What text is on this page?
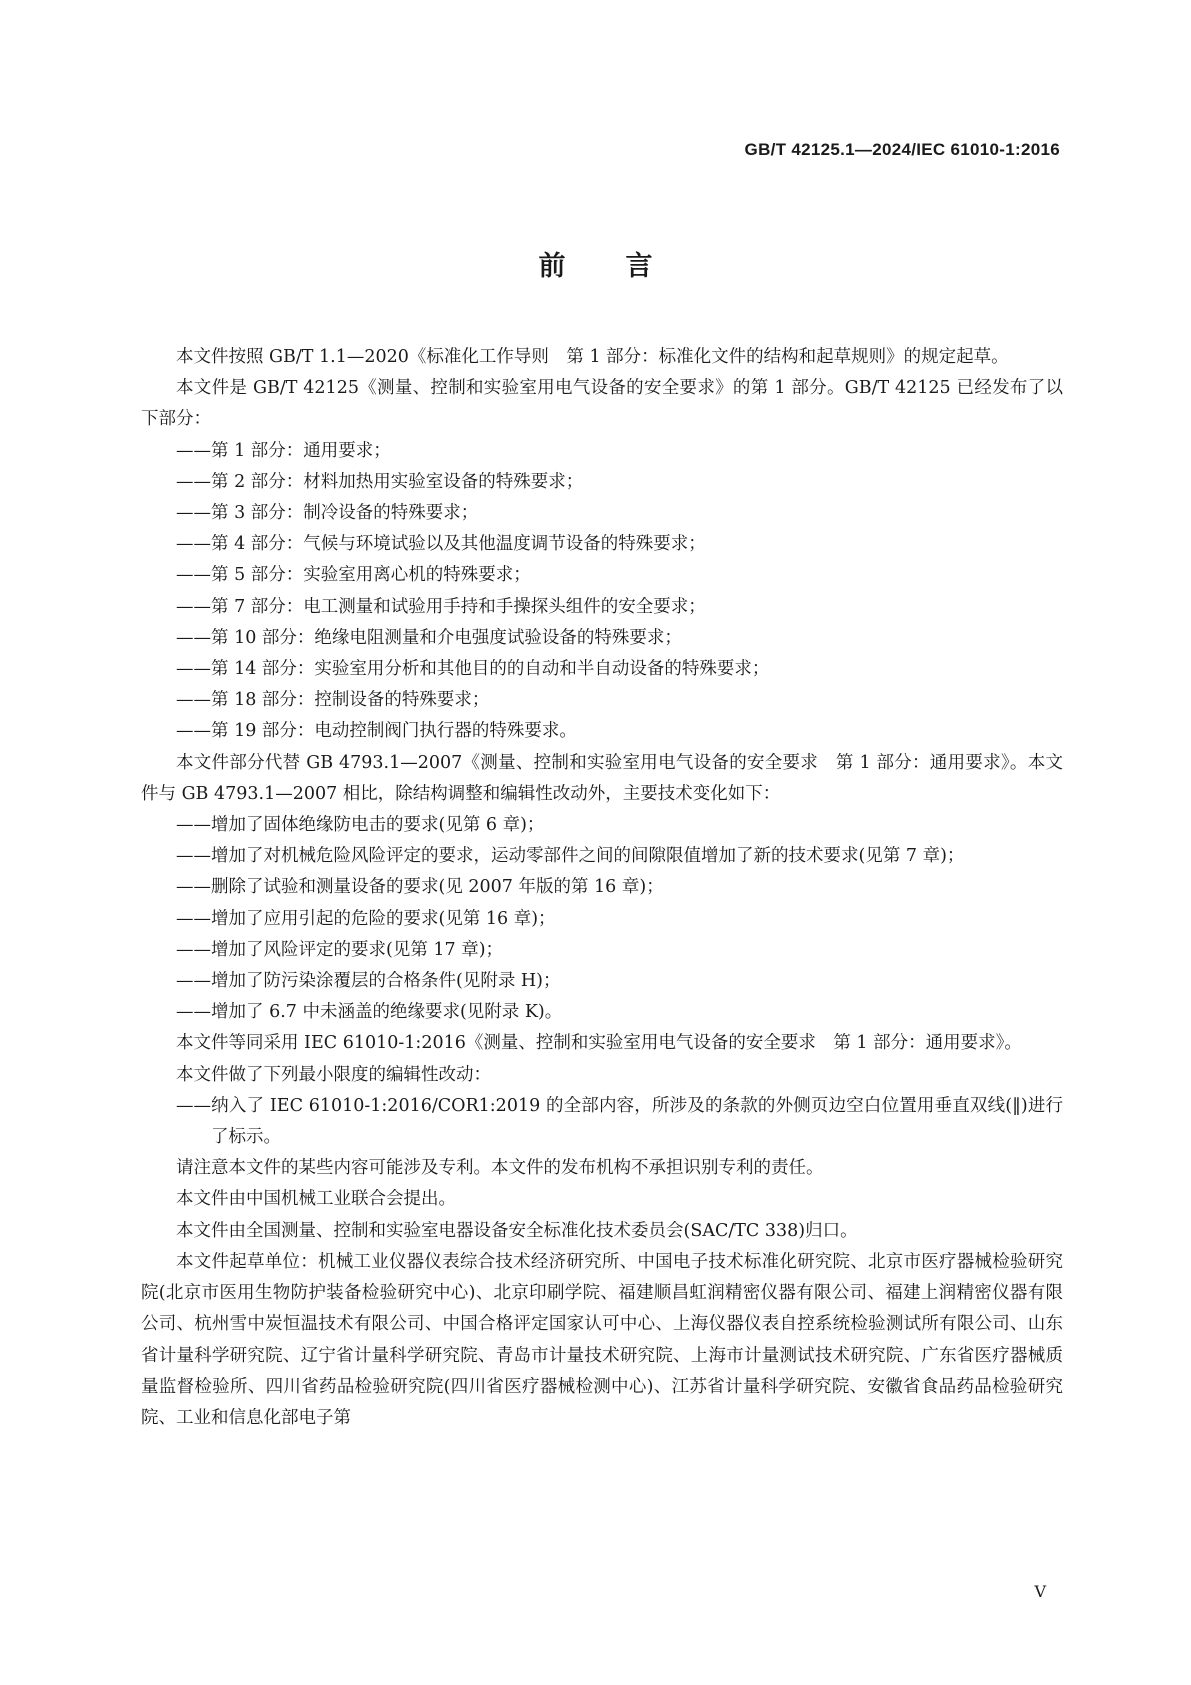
GB/T 42125.1—2024/IEC 61010-1:2016
前言

本文件按照 GB/T 1.1—2020《标准化工作导则　第 1 部分：标准化文件的结构和起草规则》的规定起草。

本文件是 GB/T 42125《测量、控制和实验室用电气设备的安全要求》的第 1 部分。GB/T 42125 已经发布了以下部分：

——第 1 部分：通用要求；

——第 2 部分：材料加热用实验室设备的特殊要求；

——第 3 部分：制冷设备的特殊要求；

——第 4 部分：气候与环境试验以及其他温度调节设备的特殊要求；

——第 5 部分：实验室用离心机的特殊要求；

——第 7 部分：电工测量和试验用手持和手操探头组件的安全要求；

——第 10 部分：绝缘电阻测量和介电强度试验设备的特殊要求；

——第 14 部分：实验室用分析和其他目的的自动和半自动设备的特殊要求；

——第 18 部分：控制设备的特殊要求；

——第 19 部分：电动控制阀门执行器的特殊要求。

本文件部分代替 GB 4793.1—2007《测量、控制和实验室用电气设备的安全要求　第 1 部分：通用要求》。本文件与 GB 4793.1—2007 相比，除结构调整和编辑性改动外，主要技术变化如下：

——增加了固体绝缘防电击的要求(见第 6 章)；

——增加了对机械危险风险评定的要求，运动零部件之间的间隙限值增加了新的技术要求(见第 7 章)；

——删除了试验和测量设备的要求(见 2007 年版的第 16 章)；

——增加了应用引起的危险的要求(见第 16 章)；

——增加了风险评定的要求(见第 17 章)；

——增加了防污染涂覆层的合格条件(见附录 H)；

——增加了 6.7 中未涵盖的绝缘要求(见附录 K)。

本文件等同采用 IEC 61010-1:2016《测量、控制和实验室用电气设备的安全要求　第 1 部分：通用要求》。

本文件做了下列最小限度的编辑性改动：

——纳入了 IEC 61010-1:2016/COR1:2019 的全部内容，所涉及的条款的外侧页边空白位置用垂直双线(‖)进行了标示。

请注意本文件的某些内容可能涉及专利。本文件的发布机构不承担识别专利的责任。

本文件由中国机械工业联合会提出。

本文件由全国测量、控制和实验室电器设备安全标准化技术委员会(SAC/TC 338)归口。

本文件起草单位：机械工业仪器仪表综合技术经济研究所、中国电子技术标准化研究院、北京市医疗器械检验研究院(北京市医用生物防护装备检验研究中心)、北京印刷学院、福建顺昌虹润精密仪器有限公司、福建上润精密仪器有限公司、杭州雪中炭恒温技术有限公司、中国合格评定国家认可中心、上海仪器仪表自控系统检验测试所有限公司、山东省计量科学研究院、辽宁省计量科学研究院、青岛市计量技术研究院、上海市计量测试技术研究院、广东省医疗器械质量监督检验所、四川省药品检验研究院(四川省医疗器械检测中心)、江苏省计量科学研究院、安徽省食品药品检验研究院、工业和信息化部电子第

V
